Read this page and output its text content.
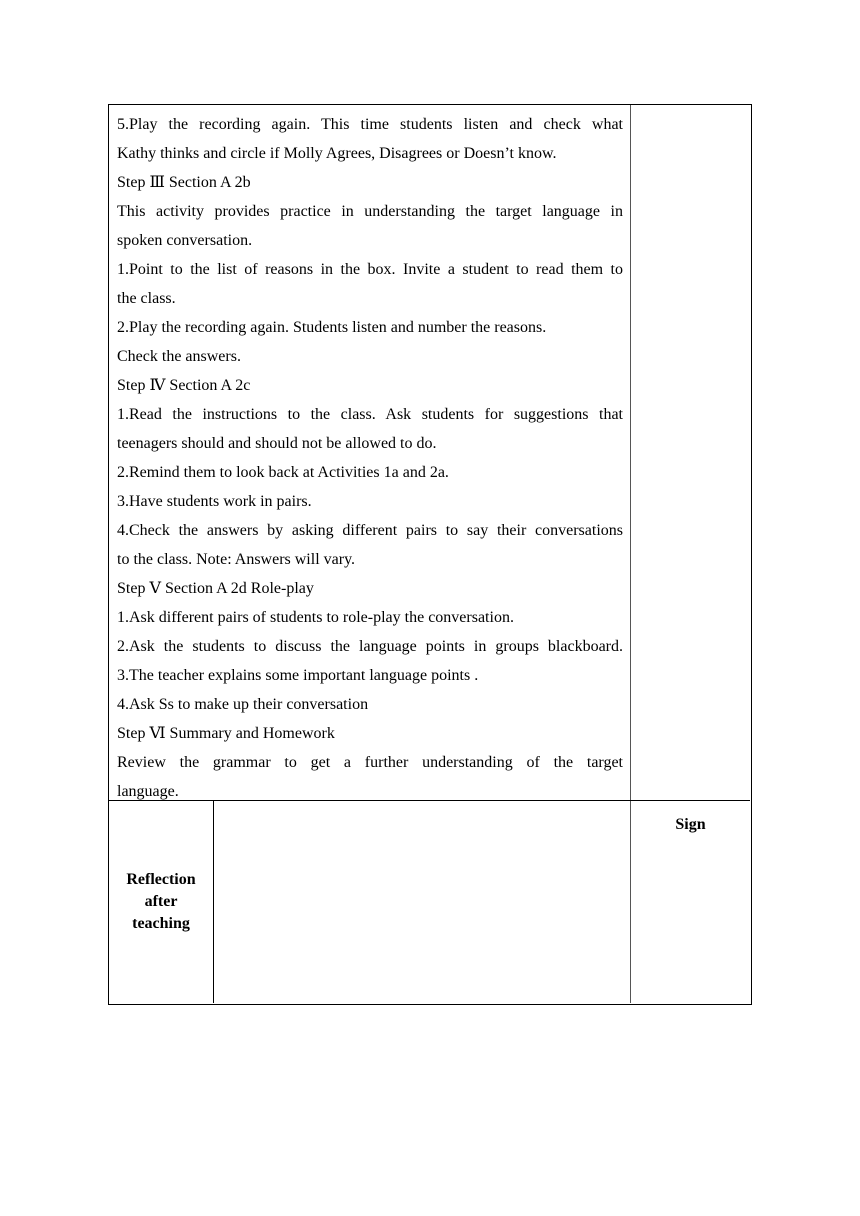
5.Play the recording again. This time students listen and check what
Kathy thinks and circle if Molly Agrees, Disagrees or Doesn’t know.
Step Ⅲ Section A 2b
This activity provides practice in understanding the target language in
spoken conversation.
1.Point to the list of reasons in the box. Invite a student to read them to
the class.
2.Play the recording again. Students listen and number the reasons.
Check the answers.
Step Ⅳ Section A 2c
1.Read the instructions to the class. Ask students for suggestions that
teenagers should and should not be allowed to do.
2.Remind them to look back at Activities 1a and 2a.
3.Have students work in pairs.
4.Check the answers by asking different pairs to say their conversations
to the class. Note: Answers will vary.
Step Ⅴ Section A 2d Role-play
1.Ask different pairs of students to role-play the conversation.
2.Ask the students to discuss the language points in groups blackboard.
3.The teacher explains some important language points .
4.Ask Ss to make up their conversation
Step Ⅵ Summary and Homework
Review the grammar to get a further understanding of the target
language.
Reflection
after
teaching
Sign
